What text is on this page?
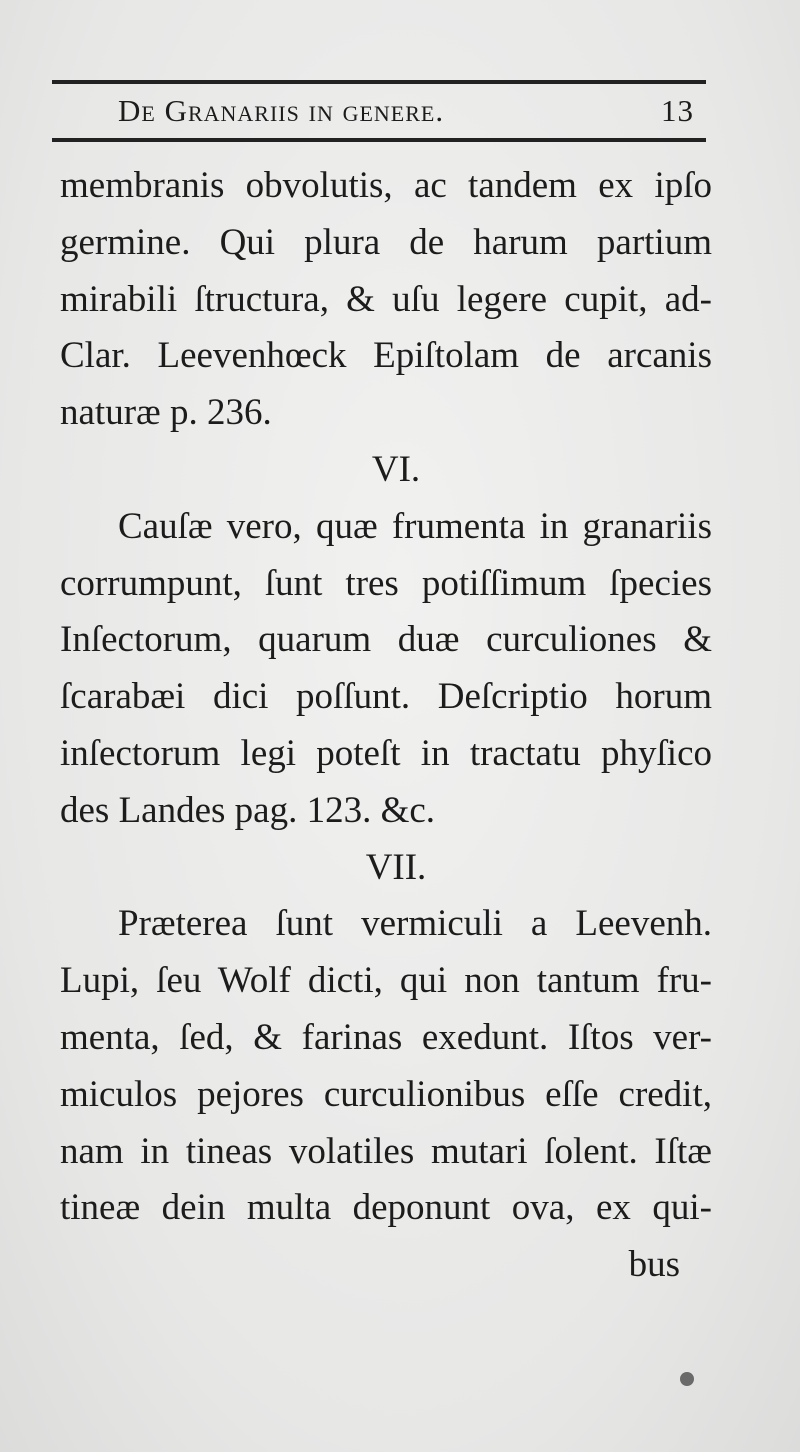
De Granariis in genere.	13
membranis obvolutis, ac tandem ex ipſo
germine. Qui plura de harum partium
mirabili ſtructura, & uſu legere cupit, ad-
Clar. Leevenhœck Epiſtolam de arcanis
naturæ p. 236.
VI.
Cauſæ vero, quæ frumenta in granariis
corrumpunt, ſunt tres potiſſimum ſpecies
Inſectorum, quarum duæ curculiones &
ſcarabæi dici poſſunt. Deſcriptio horum
inſectorum legi poteſt in tractatu phyſico
des Landes pag. 123. &c.
VII.
Præterea ſunt vermiculi a Leevenh.
Lupi, ſeu Wolf dicti, qui non tantum fru-
menta, ſed, & farinas exedunt. Iſtos ver-
miculos pejores curculionibus eſſe credit,
nam in tineas volatiles mutari ſolent. Iſtæ
tineæ dein multa deponunt ova, ex qui-
bus
